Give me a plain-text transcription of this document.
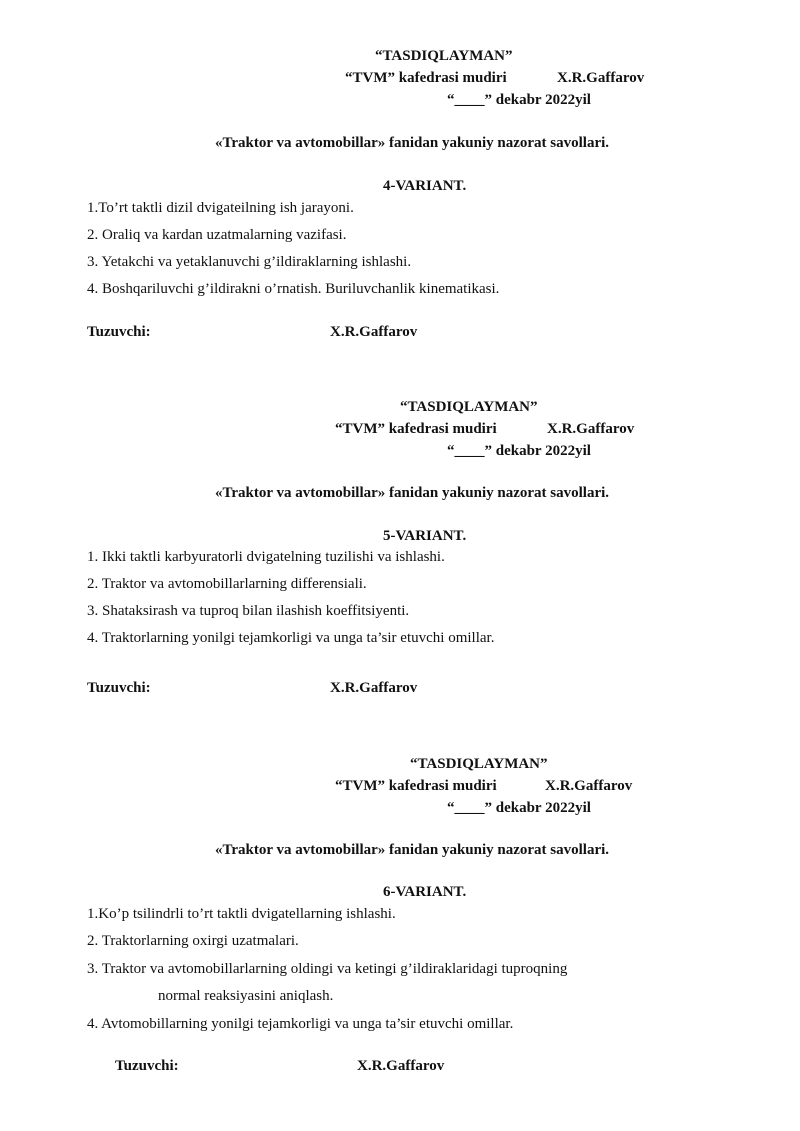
“TASDIQLAYMAN”
“TVM” kafedrasi mudiri	X.R.Gaffarov
“____” dekabr 2022yil
«Traktor va avtomobillar» fanidan yakuniy nazorat savollari.
4-VARIANT.
1.To’rt taktli dizil dvigateilning ish jarayoni.
2. Oraliq va kardan uzatmalarning vazifasi.
3. Yetakchi va yetaklanuvchi g’ildiraklarning ishlashi.
4. Boshqariluvchi g’ildirakni o’rnatish. Buriluvchanlik kinematikasi.
Tuzuvchi:	X.R.Gaffarov
“TASDIQLAYMAN”
“TVM” kafedrasi mudiri	X.R.Gaffarov
“____” dekabr 2022yil
«Traktor va avtomobillar» fanidan yakuniy nazorat savollari.
5-VARIANT.
1. Ikki taktli karbyuratorli dvigatelning tuzilishi va ishlashi.
2. Traktor va avtomobillarlarning differensiali.
3. Shataksirash va tuproq bilan ilashish koeffitsiyenti.
4. Traktorlarning yonilgi tejamkorligi va unga ta’sir etuvchi omillar.
Tuzuvchi:	X.R.Gaffarov
“TASDIQLAYMAN”
“TVM” kafedrasi mudiri	X.R.Gaffarov
“____” dekabr 2022yil
«Traktor va avtomobillar» fanidan yakuniy nazorat savollari.
6-VARIANT.
1.Ko’p tsilindrli to’rt taktli dvigatellarning ishlashi.
2. Traktorlarning oxirgi uzatmalari.
3. Traktor va avtomobillarlarning oldingi va ketingi g’ildiraklaridagi tuproqning
normal reaksiyasini aniqlash.
4. Avtomobillarning yonilgi tejamkorligi va unga ta’sir etuvchi omillar.
Tuzuvchi:	X.R.Gaffarov
